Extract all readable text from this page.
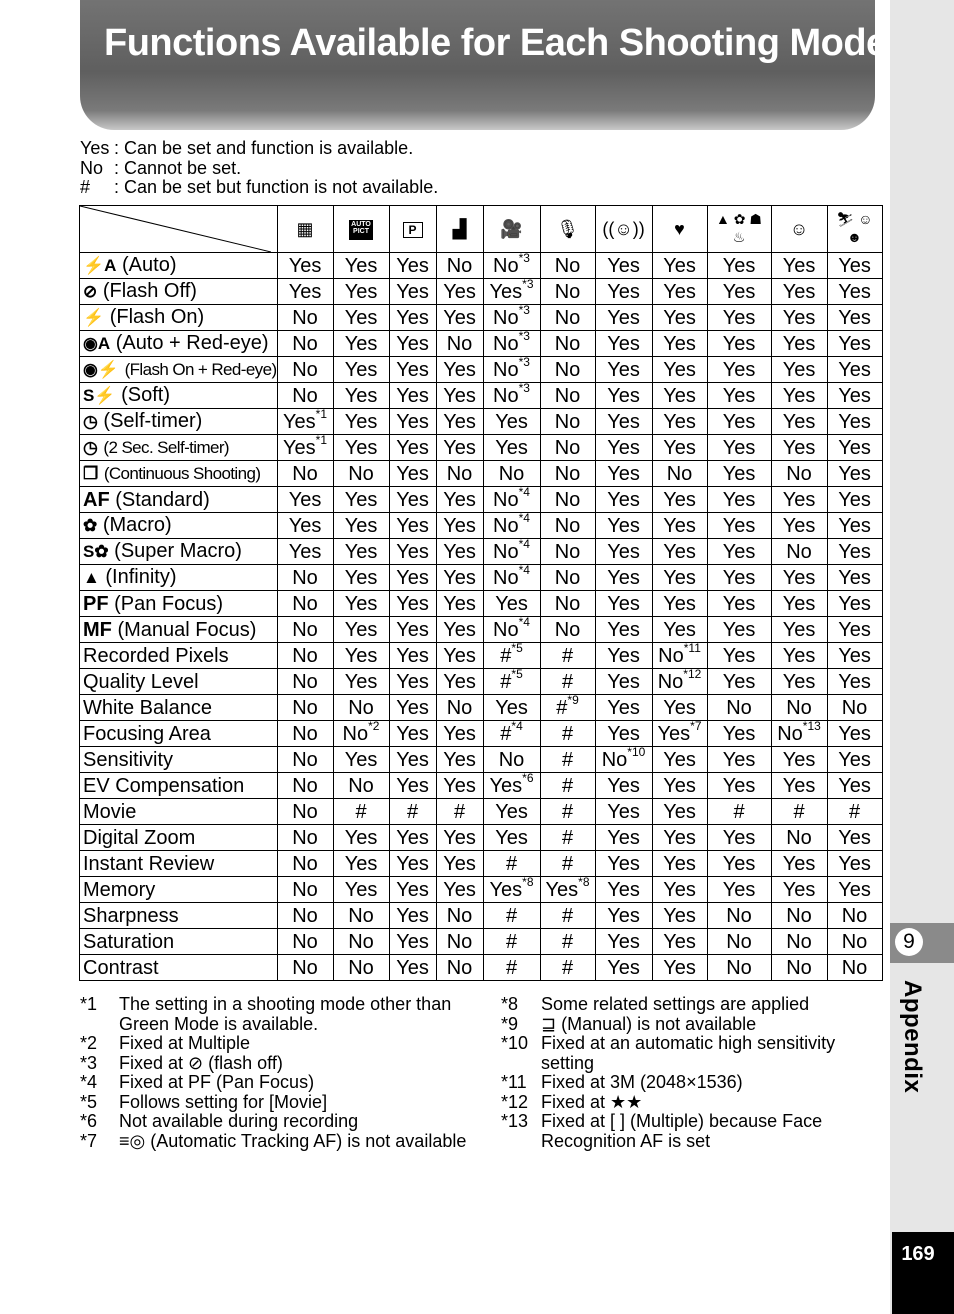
Functions Available for Each Shooting Mode
9
Appendix
169
Yes : Can be set and function is available.
No : Cannot be set.
# : Can be set but function is not available.
	▦	AUTO PICT	P	▟	🎥	🎙	((☺))	♥	▲ ✿ ☗ ♨	☺	⛷ ☺ ☻
⚡A (Auto)	Yes	Yes	Yes	No	No$^{*3}$	No	Yes	Yes	Yes	Yes	Yes
⊘ (Flash Off)	Yes	Yes	Yes	Yes	Yes$^{*3}$	No	Yes	Yes	Yes	Yes	Yes
⚡ (Flash On)	No	Yes	Yes	Yes	No$^{*3}$	No	Yes	Yes	Yes	Yes	Yes
◉A (Auto + Red-eye)	No	Yes	Yes	No	No$^{*3}$	No	Yes	Yes	Yes	Yes	Yes
◉⚡ (Flash On + Red-eye)	No	Yes	Yes	Yes	No$^{*3}$	No	Yes	Yes	Yes	Yes	Yes
S⚡ (Soft)	No	Yes	Yes	Yes	No$^{*3}$	No	Yes	Yes	Yes	Yes	Yes
◷ (Self-timer)	Yes$^{*1}$	Yes	Yes	Yes	Yes	No	Yes	Yes	Yes	Yes	Yes
◷ (2 Sec. Self-timer)	Yes$^{*1}$	Yes	Yes	Yes	Yes	No	Yes	Yes	Yes	Yes	Yes
❐ (Continuous Shooting)	No	No	Yes	No	No	No	Yes	No	Yes	No	Yes
AF (Standard)	Yes	Yes	Yes	Yes	No$^{*4}$	No	Yes	Yes	Yes	Yes	Yes
✿ (Macro)	Yes	Yes	Yes	Yes	No$^{*4}$	No	Yes	Yes	Yes	Yes	Yes
S✿ (Super Macro)	Yes	Yes	Yes	Yes	No$^{*4}$	No	Yes	Yes	Yes	No	Yes
▲ (Infinity)	No	Yes	Yes	Yes	No$^{*4}$	No	Yes	Yes	Yes	Yes	Yes
PF (Pan Focus)	No	Yes	Yes	Yes	Yes	No	Yes	Yes	Yes	Yes	Yes
MF (Manual Focus)	No	Yes	Yes	Yes	No$^{*4}$	No	Yes	Yes	Yes	Yes	Yes
Recorded Pixels	No	Yes	Yes	Yes	#$^{*5}$	#	Yes	No$^{*11}$	Yes	Yes	Yes
Quality Level	No	Yes	Yes	Yes	#$^{*5}$	#	Yes	No$^{*12}$	Yes	Yes	Yes
White Balance	No	No	Yes	No	Yes	#$^{*9}$	Yes	Yes	No	No	No
Focusing Area	No	No$^{*2}$	Yes	Yes	#$^{*4}$	#	Yes	Yes$^{*7}$	Yes	No$^{*13}$	Yes
Sensitivity	No	Yes	Yes	Yes	No	#	No$^{*10}$	Yes	Yes	Yes	Yes
EV Compensation	No	No	Yes	Yes	Yes$^{*6}$	#	Yes	Yes	Yes	Yes	Yes
Movie	No	#	#	#	Yes	#	Yes	Yes	#	#	#
Digital Zoom	No	Yes	Yes	Yes	Yes	#	Yes	Yes	Yes	No	Yes
Instant Review	No	Yes	Yes	Yes	#	#	Yes	Yes	Yes	Yes	Yes
Memory	No	Yes	Yes	Yes	Yes$^{*8}$	Yes$^{*8}$	Yes	Yes	Yes	Yes	Yes
Sharpness	No	No	Yes	No	#	#	Yes	Yes	No	No	No
Saturation	No	No	Yes	No	#	#	Yes	Yes	No	No	No
Contrast	No	No	Yes	No	#	#	Yes	Yes	No	No	No
*1	The setting in a shooting mode other than Green Mode is available.
*2	Fixed at Multiple
*3	Fixed at ⊘ (flash off)
*4	Fixed at PF (Pan Focus)
*5	Follows setting for [Movie]
*6	Not available during recording
*7	≡◎ (Automatic Tracking AF) is not available
*8	Some related settings are applied
*9	⊒ (Manual) is not available
*10 Fixed at an automatic high sensitivity setting
*11 Fixed at 3M (2048×1536)
*12 Fixed at ★★
*13 Fixed at [ ] (Multiple) because Face Recognition AF is set
